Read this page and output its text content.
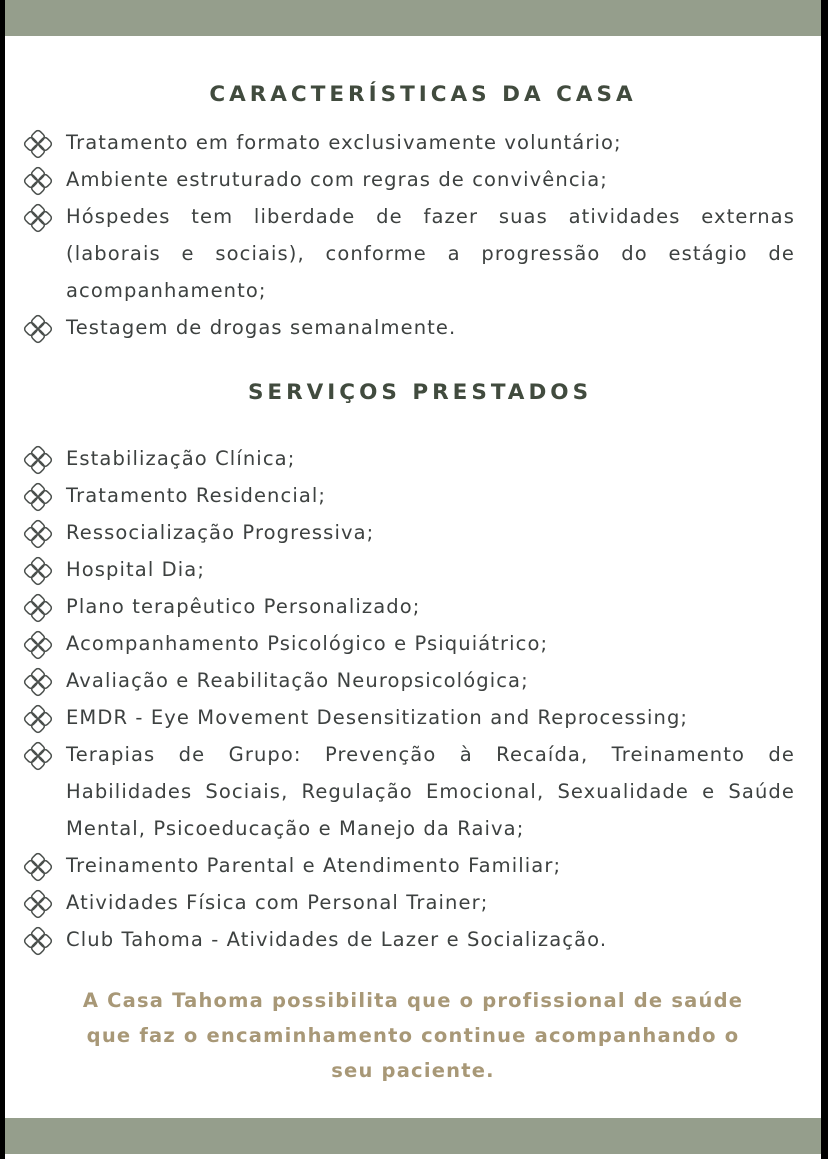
CARACTERÍSTICAS DA CASA
Tratamento em formato exclusivamente voluntário;
Ambiente estruturado com regras de convivência;
Hóspedes tem liberdade de fazer suas atividades externas (laborais e sociais), conforme a progressão do estágio de acompanhamento;
Testagem de drogas semanalmente.
SERVIÇOS PRESTADOS
Estabilização Clínica;
Tratamento Residencial;
Ressocialização Progressiva;
Hospital Dia;
Plano terapêutico Personalizado;
Acompanhamento Psicológico e Psiquiátrico;
Avaliação e Reabilitação Neuropsicológica;
EMDR - Eye Movement Desensitization and Reprocessing;
Terapias de Grupo: Prevenção à Recaída, Treinamento de Habilidades Sociais, Regulação Emocional, Sexualidade e Saúde Mental, Psicoeducação e Manejo da Raiva;
Treinamento Parental e Atendimento Familiar;
Atividades Física com Personal Trainer;
Club Tahoma - Atividades de Lazer e Socialização.
A Casa Tahoma possibilita que o profissional de saúde
que faz o encaminhamento continue acompanhando o
seu paciente.
